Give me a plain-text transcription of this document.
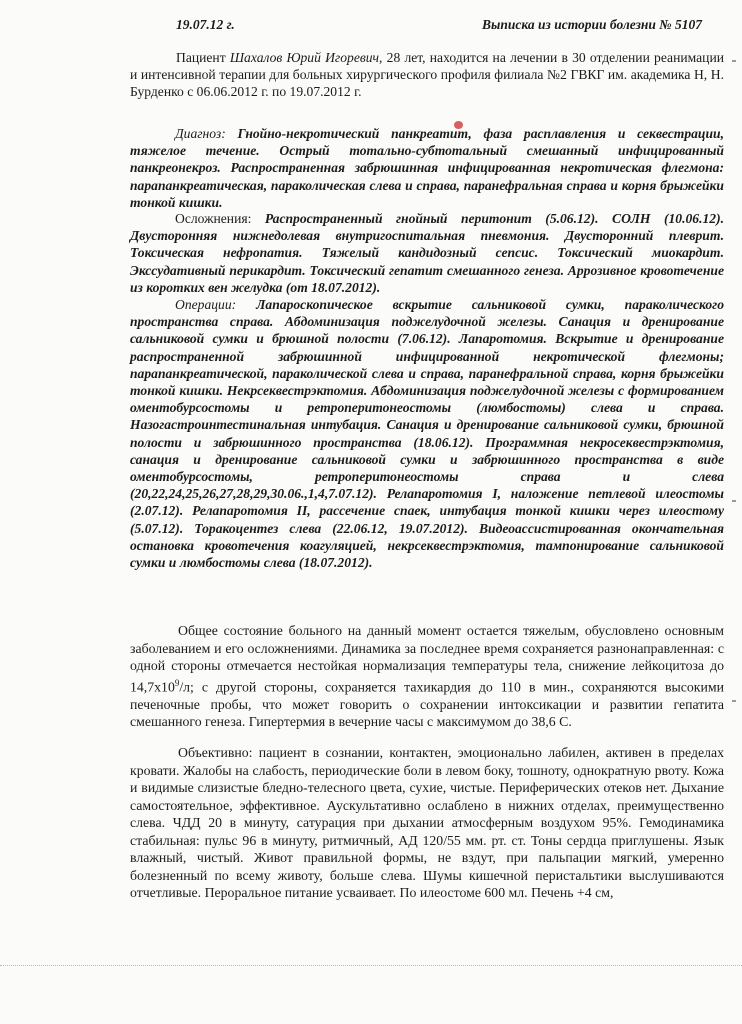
19.07.12 г.	Выписка из истории болезни № 5107

Пациент Шахалов Юрий Игоревич, 28 лет, находится на лечении в 30 отделении реанимации и интенсивной терапии для больных хирургического профиля филиала №2 ГВКГ им. академика Н, Н. Бурденко с 06.06.2012 г. по 19.07.2012 г.

Диагноз: Гнойно-некротический панкреатит, фаза расплавления и секвестрации, тяжелое течение. Острый тотально-субтотальный смешанный инфицированный панкреонекроз. Распространенная забрюшинная инфицированная некротическая флегмона: парапанкреатическая, параколическая слева и справа, паранефральная справа и корня брыжейки тонкой кишки.

Осложнения: Распространенный гнойный перитонит (5.06.12). СОЛН (10.06.12). Двусторонняя нижнедолевая внутригоспитальная пневмония. Двусторонний плеврит. Токсическая нефропатия. Тяжелый кандидозный сепсис. Токсический миокардит. Экссудативный перикардит. Токсический гепатит смешанного генеза. Аррозивное кровотечение из коротких вен желудка (от 18.07.2012).

Операции: Лапароскопическое вскрытие сальниковой сумки, параколического пространства справа. Абдоминизация поджелудочной железы. Санация и дренирование сальниковой сумки и брюшной полости (7.06.12). Лапаротомия. Вскрытие и дренирование распространенной забрюшинной инфицированной некротической флегмоны; парапанкреатической, параколической слева и справа, паранефральной справа, корня брыжейки тонкой кишки. Некрсеквестрэктомия. Абдоминизация поджелудочной железы с формированием оментобурсостомы и ретроперитонеостомы (люмбостомы) слева и справа. Назогастроинтестинальная интубация. Санация и дренирование сальниковой сумки, брюшной полости и забрюшинного пространства (18.06.12). Программная некросеквестрэктомия, санация и дренирование сальниковой сумки и забрюшинного пространства в виде оментобурсостомы, ретроперитонеостомы справа и слева (20,22,24,25,26,27,28,29,30.06.,1,4,7.07.12). Релапаротомия I, наложение петлевой илеостомы (2.07.12). Релапаротомия II, рассечение спаек, интубация тонкой кишки через илеостому (5.07.12). Торакоцентез слева (22.06.12, 19.07.2012). Видеоассистированная окончательная остановка кровотечения коагуляцией, некрсеквестрэктомия, тампонирование сальниковой сумки и люмбостомы слева (18.07.2012).

Общее состояние больного на данный момент остается тяжелым, обусловлено основным заболеванием и его осложнениями. Динамика за последнее время сохраняется разнонаправленная: с одной стороны отмечается нестойкая нормализация температуры тела, снижение лейкоцитоза до $14,7x10^9/л$; с другой стороны, сохраняется тахикардия до 110 в мин., сохраняются высокими печеночные пробы, что может говорить о сохранении интоксикации и развитии гепатита смешанного генеза. Гипертермия в вечерние часы с максимумом до 38,6 С.

Объективно: пациент в сознании, контактен, эмоционально лабилен, активен в пределах кровати. Жалобы на слабость, периодические боли в левом боку, тошноту, однократную рвоту. Кожа и видимые слизистые бледно-телесного цвета, сухие, чистые. Периферических отеков нет. Дыхание самостоятельное, эффективное. Аускультативно ослаблено в нижних отделах, преимущественно слева. ЧДД 20 в минуту, сатурация при дыхании атмосферным воздухом 95%. Гемодинамика стабильная: пульс 96 в минуту, ритмичный, АД 120/55 мм. рт. ст. Тоны сердца приглушены. Язык влажный, чистый. Живот правильной формы, не вздут, при пальпации мягкий, умеренно болезненный по всему животу, больше слева. Шумы кишечной перистальтики выслушиваются отчетливые. Пероральное питание усваивает. По илеостоме 600 мл. Печень +4 см,
